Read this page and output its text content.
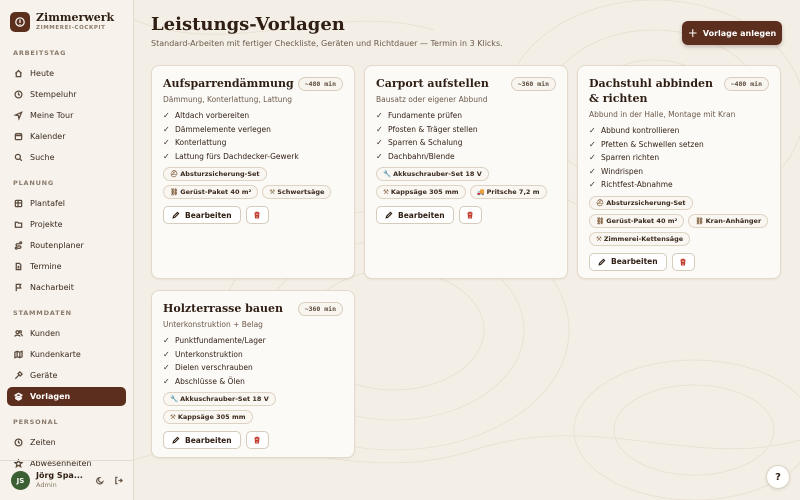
Zimmerwerk
ZIMMEREI-COCKPIT
ARBEITSTAG
Heute
Stempeluhr
Meine Tour
Kalender
Suche
PLANUNG
Plantafel
Projekte
Routenplaner
Termine
Nacharbeit
STAMMDATEN
Kunden
Kundenkarte
Geräte
Vorlagen
PERSONAL
Zeiten
Abwesenheiten
JS
Jörg Spa...
Admin
Leistungs-Vorlagen

Standard-Arbeiten mit fertiger Checkliste, Geräten und Richtdauer — Termin in 3 Klicks.

+ Vorlage anlegen
Aufsparrendämmung	~480 min
Dämmung, Konterlattung, Lattung
✓ Altdach vorbereiten
✓ Dämmelemente verlegen
✓ Konterlattung
✓ Lattung fürs Dachdecker-Gewerk
⛑ Absturzsicherung-Set
⛓ Gerüst-Paket 40 m²	⚒ Schwertsäge
Bearbeiten
Carport aufstellen	~360 min
Bausatz oder eigener Abbund
✓ Fundamente prüfen
✓ Pfosten & Träger stellen
✓ Sparren & Schalung
✓ Dachbahn/Blende
🔧 Akkuschrauber-Set 18 V
⚒ Kappsäge 305 mm	🚚 Pritsche 7,2 m
Bearbeiten
Dachstuhl abbinden & richten
~480 min
Abbund in der Halle, Montage mit Kran
✓ Abbund kontrollieren
✓ Pfetten & Schwellen setzen
✓ Sparren richten
✓ Windrispen
✓ Richtfest-Abnahme
⛑ Absturzsicherung-Set
⛓ Gerüst-Paket 40 m²	⛓ Kran-Anhänger
⚒ Zimmerei-Kettensäge
Bearbeiten
Holzterrasse bauen	~360 min
Unterkonstruktion + Belag
✓ Punktfundamente/Lager
✓ Unterkonstruktion
✓ Dielen verschrauben
✓ Abschlüsse & Ölen
🔧 Akkuschrauber-Set 18 V
⚒ Kappsäge 305 mm
Bearbeiten
?
